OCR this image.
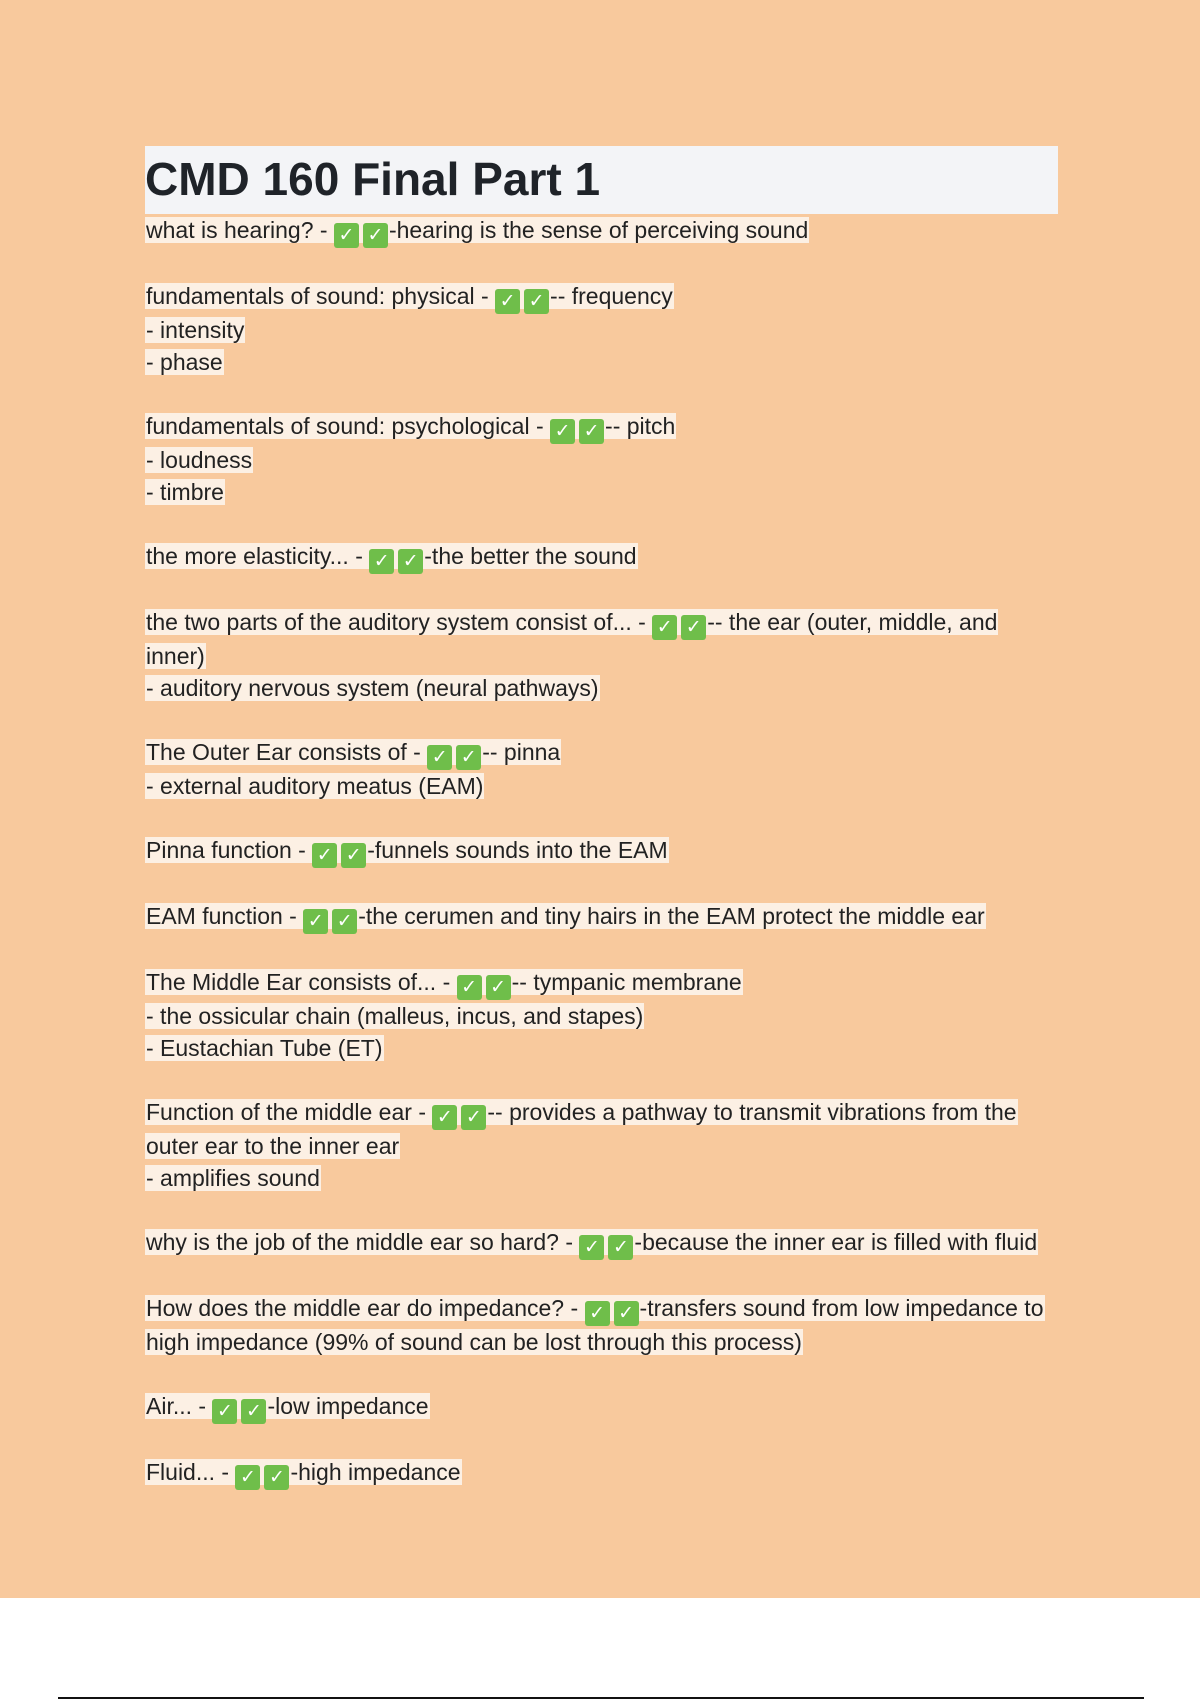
CMD 160 Final Part 1
what is hearing? - ✓ ✓ -hearing is the sense of perceiving sound
fundamentals of sound: physical - ✓ ✓ -- frequency
- intensity
- phase
fundamentals of sound: psychological - ✓ ✓ -- pitch
- loudness
- timbre
the more elasticity... - ✓ ✓ -the better the sound
the two parts of the auditory system consist of... - ✓ ✓ -- the ear (outer, middle, and inner)
- auditory nervous system (neural pathways)
The Outer Ear consists of - ✓ ✓ -- pinna
- external auditory meatus (EAM)
Pinna function - ✓ ✓ -funnels sounds into the EAM
EAM function - ✓ ✓ -the cerumen and tiny hairs in the EAM protect the middle ear
The Middle Ear consists of... - ✓ ✓ -- tympanic membrane
- the ossicular chain (malleus, incus, and stapes)
- Eustachian Tube (ET)
Function of the middle ear - ✓ ✓ -- provides a pathway to transmit vibrations from the outer ear to the inner ear
- amplifies sound
why is the job of the middle ear so hard? - ✓ ✓ -because the inner ear is filled with fluid
How does the middle ear do impedance? - ✓ ✓ -transfers sound from low impedance to high impedance (99% of sound can be lost through this process)
Air... - ✓ ✓ -low impedance
Fluid... - ✓ ✓ -high impedance
